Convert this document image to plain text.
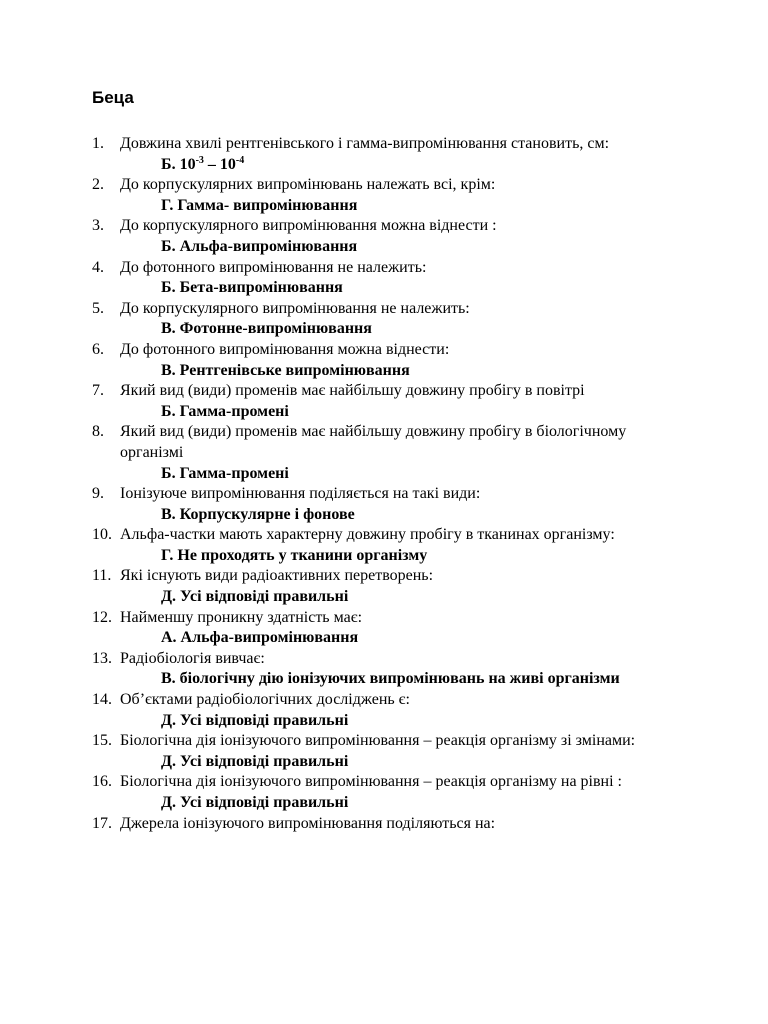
Беца
1.	Довжина хвилі рентгенівського і гамма-випромінювання становить, см:
Б. $10^{-3} - 10^{-4}$
2.	До корпускулярних випромінювань належать всі, крім:
Г. Гамма- випромінювання
3.	До корпускулярного випромінювання можна віднести :
Б. Альфа-випромінювання
4.	До фотонного випромінювання не належить:
Б. Бета-випромінювання
5.	До корпускулярного випромінювання не належить:
В. Фотонне-випромінювання
6.	До фотонного випромінювання можна віднести:
В. Рентгенівське випромінювання
7.	Який вид (види) променів має найбільшу довжину пробігу в повітрі
Б. Гамма-промені
8.	Який вид (види) променів має найбільшу довжину пробігу в біологічному організмі
Б. Гамма-промені
9.	Іонізуюче випромінювання поділяється на такі види:
В. Корпускулярне і фонове
10. Альфа-частки мають характерну довжину пробігу в тканинах організму:
Г. Не проходять у тканини організму
11. Які існують види радіоактивних перетворень:
Д. Усі відповіді правильні
12. Найменшу проникну здатність має:
А. Альфа-випромінювання
13. Радіобіологія вивчає:
В. біологічну дію іонізуючих випромінювань на живі організми
14. Об’єктами радіобіологічних досліджень є:
Д. Усі відповіді правильні
15. Біологічна дія іонізуючого випромінювання – реакція організму зі змінами:
Д. Усі відповіді правильні
16. Біологічна дія іонізуючого випромінювання – реакція організму на рівні :
Д. Усі відповіді правильні
17. Джерела іонізуючого випромінювання поділяються на:
